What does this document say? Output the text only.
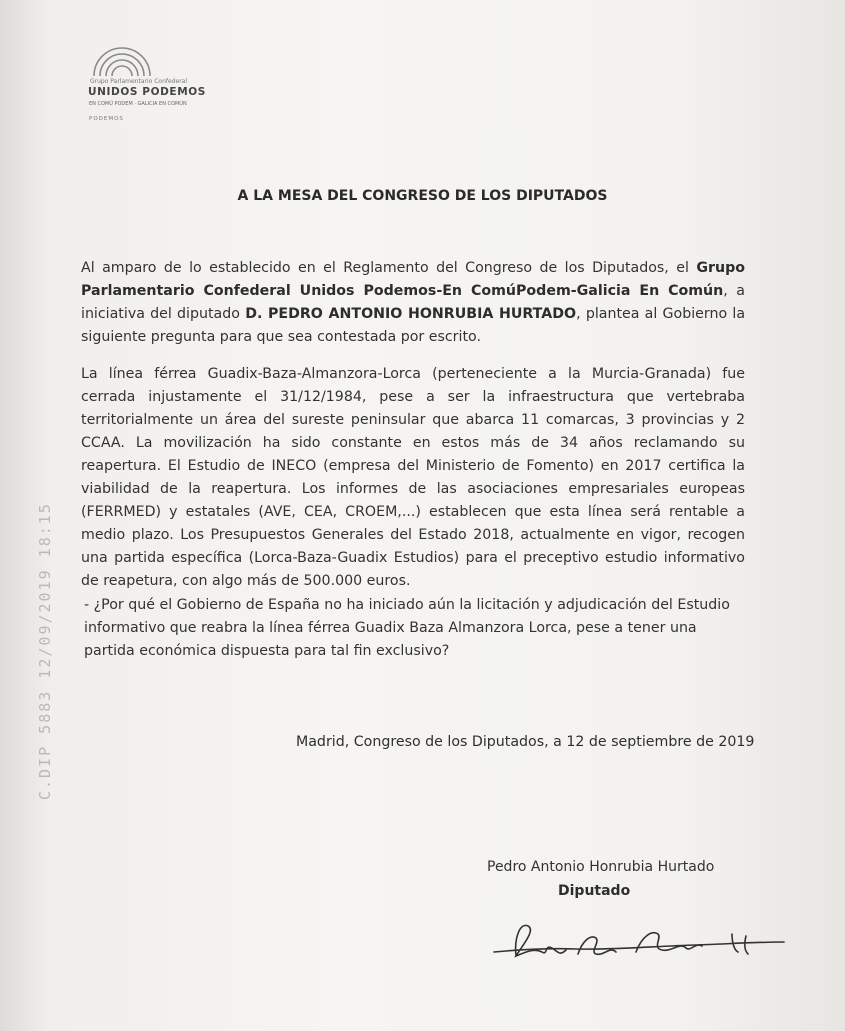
Grupo Parlamentario Confederal
UNIDOS PODEMOS
EN COMÚ PODEM · GALICIA EN COMÚN
PODEMOS
C.DIP 5883 12/09/2019 18:15
A LA MESA DEL CONGRESO DE LOS DIPUTADOS

Al amparo de lo establecido en el Reglamento del Congreso de los Diputados, el Grupo Parlamentario Confederal Unidos Podemos-En ComúPodem-Galicia En Común, a iniciativa del diputado D. PEDRO ANTONIO HONRUBIA HURTADO, plantea al Gobierno la siguiente pregunta para que sea contestada por escrito.

La línea férrea Guadix-Baza-Almanzora-Lorca (perteneciente a la Murcia-Granada) fue cerrada injustamente el 31/12/1984, pese a ser la infraestructura que vertebraba territorialmente un área del sureste peninsular que abarca 11 comarcas, 3 provincias y 2 CCAA. La movilización ha sido constante en estos más de 34 años reclamando su reapertura. El Estudio de INECO (empresa del Ministerio de Fomento) en 2017 certifica la viabilidad de la reapertura. Los informes de las asociaciones empresariales europeas (FERRMED) y estatales (AVE, CEA, CROEM,...) establecen que esta línea será rentable a medio plazo. Los Presupuestos Generales del Estado 2018, actualmente en vigor, recogen una partida específica (Lorca-Baza-Guadix Estudios) para el preceptivo estudio informativo de reapetura, con algo más de 500.000 euros.

- ¿Por qué el Gobierno de España no ha iniciado aún la licitación y adjudicación del Estudio informativo que reabra la línea férrea Guadix Baza Almanzora Lorca, pese a tener una partida económica dispuesta para tal fin exclusivo?

Madrid, Congreso de los Diputados, a 12 de septiembre de 2019
Pedro Antonio Honrubia Hurtado
Diputado
